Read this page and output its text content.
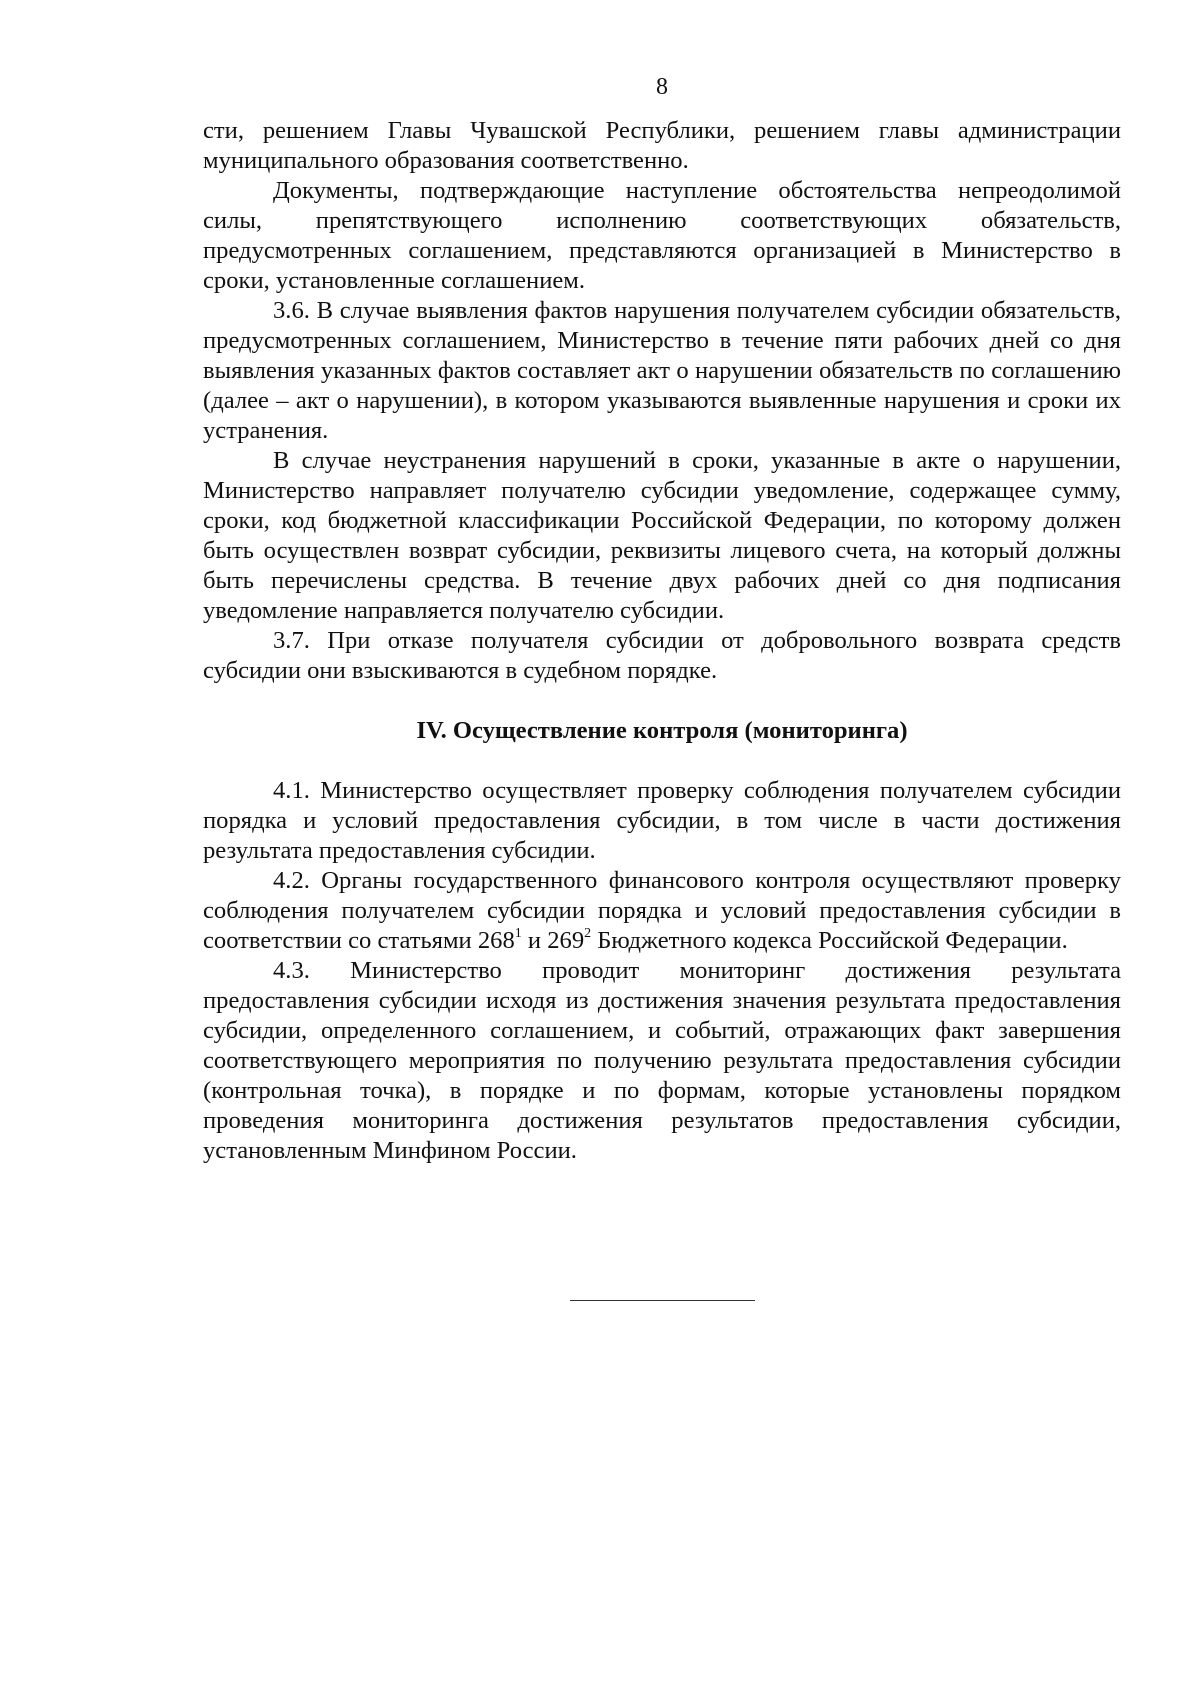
8

сти, решением Главы Чувашской Республики, решением главы администрации муниципального образования соответственно.

Документы, подтверждающие наступление обстоятельства непреодолимой силы, препятствующего исполнению соответствующих обязательств, предусмотренных соглашением, представляются организацией в Министерство в сроки, установленные соглашением.

3.6. В случае выявления фактов нарушения получателем субсидии обязательств, предусмотренных соглашением, Министерство в течение пяти рабочих дней со дня выявления указанных фактов составляет акт о нарушении обязательств по соглашению (далее – акт о нарушении), в котором указываются выявленные нарушения и сроки их устранения.

В случае неустранения нарушений в сроки, указанные в акте о нарушении, Министерство направляет получателю субсидии уведомление, содержащее сумму, сроки, код бюджетной классификации Российской Федерации, по которому должен быть осуществлен возврат субсидии, реквизиты лицевого счета, на который должны быть перечислены средства. В течение двух рабочих дней со дня подписания уведомление направляется получателю субсидии.

3.7. При отказе получателя субсидии от добровольного возврата средств субсидии они взыскиваются в судебном порядке.

IV. Осуществление контроля (мониторинга)

4.1. Министерство осуществляет проверку соблюдения получателем субсидии порядка и условий предоставления субсидии, в том числе в части достижения результата предоставления субсидии.

4.2. Органы государственного финансового контроля осуществляют проверку соблюдения получателем субсидии порядка и условий предоставления субсидии в соответствии со статьями $268^1$ и $269^2$ Бюджетного кодекса Российской Федерации.

4.3. Министерство проводит мониторинг достижения результата предоставления субсидии исходя из достижения значения результата предоставления субсидии, определенного соглашением, и событий, отражающих факт завершения соответствующего мероприятия по получению результата предоставления субсидии (контрольная точка), в порядке и по формам, которые установлены порядком проведения мониторинга достижения результатов предоставления субсидии, установленным Минфином России.
